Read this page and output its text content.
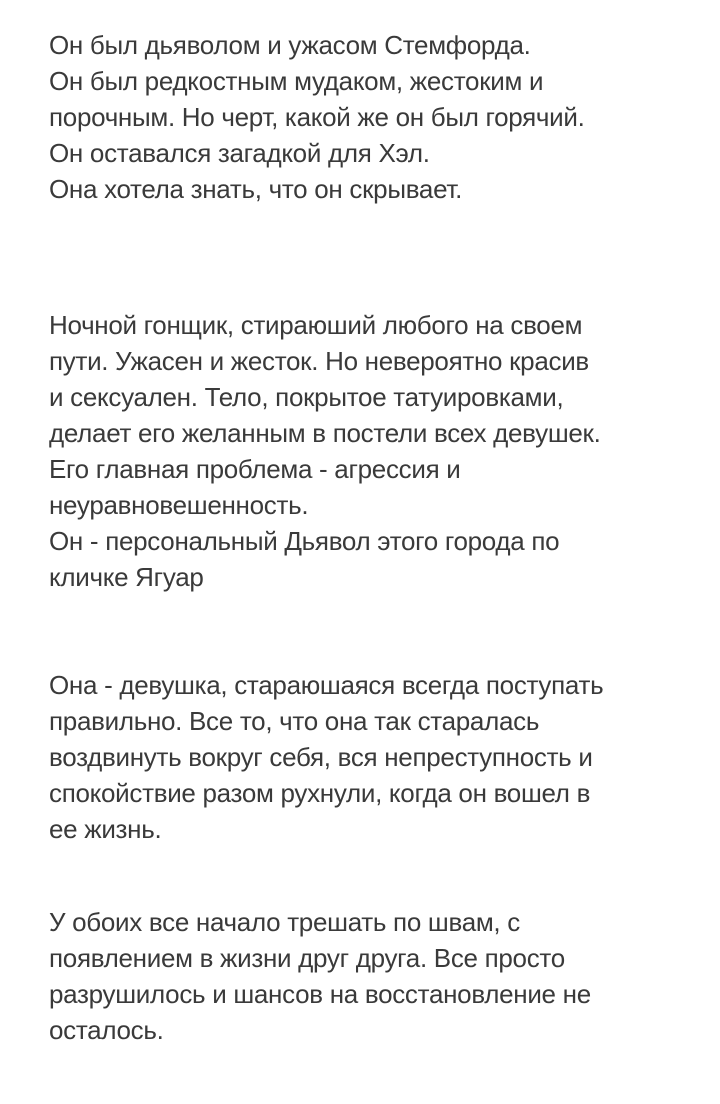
Он был дьяволом и ужасом Стемфорда.
Он был редкостным мудаком, жестоким и
порочным. Но черт, какой же он был горячий.
Он оставался загадкой для Хэл.
Она хотела знать, что он скрывает.

Ночной гонщик, стираюший любого на своем
пути. Ужасен и жесток. Но невероятно красив
и сексуален. Тело, покрытое татуировками,
делает его желанным в постели всех девушек.
Его главная проблема - агрессия и
неуравновешенность.
Он - персональный Дьявол этого города по
кличке Ягуар

Она - девушка, стараюшаяся всегда поступать
правильно. Все то, что она так старалась
воздвинуть вокруг себя, вся непреступность и
спокойствие разом рухнули, когда он вошел в
ее жизнь.

У обоих все начало трешать по швам, с
появлением в жизни друг друга. Все просто
разрушилось и шансов на восстановление не
осталось.
